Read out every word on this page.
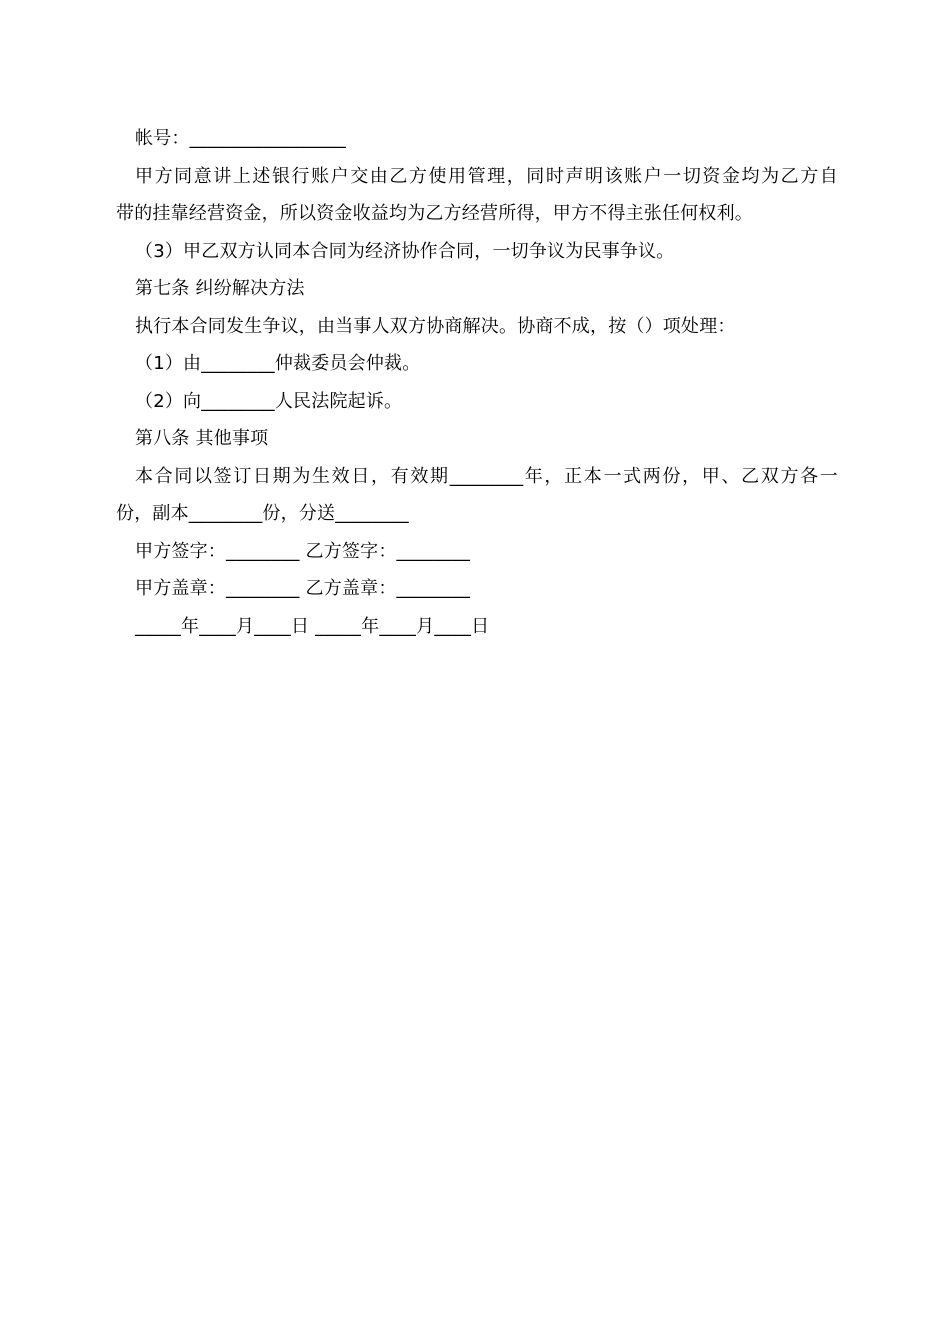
帐号：_________________
甲方同意讲上述银行账户交由乙方使用管理，同时声明该账户一切资金均为乙方自
带的挂靠经营资金，所以资金收益均为乙方经营所得，甲方不得主张任何权利。
（3）甲乙双方认同本合同为经济协作合同，一切争议为民事争议。
第七条 纠纷解决方法
执行本合同发生争议，由当事人双方协商解决。协商不成，按（）项处理：
（1）由________仲裁委员会仲裁。
（2）向________人民法院起诉。
第八条 其他事项
本合同以签订日期为生效日，有效期________年，正本一式两份，甲、乙双方各一
份，副本________份，分送________
甲方签字：________ 乙方签字：________
甲方盖章：________ 乙方盖章：________
_____年____月____日 _____年____月____日
